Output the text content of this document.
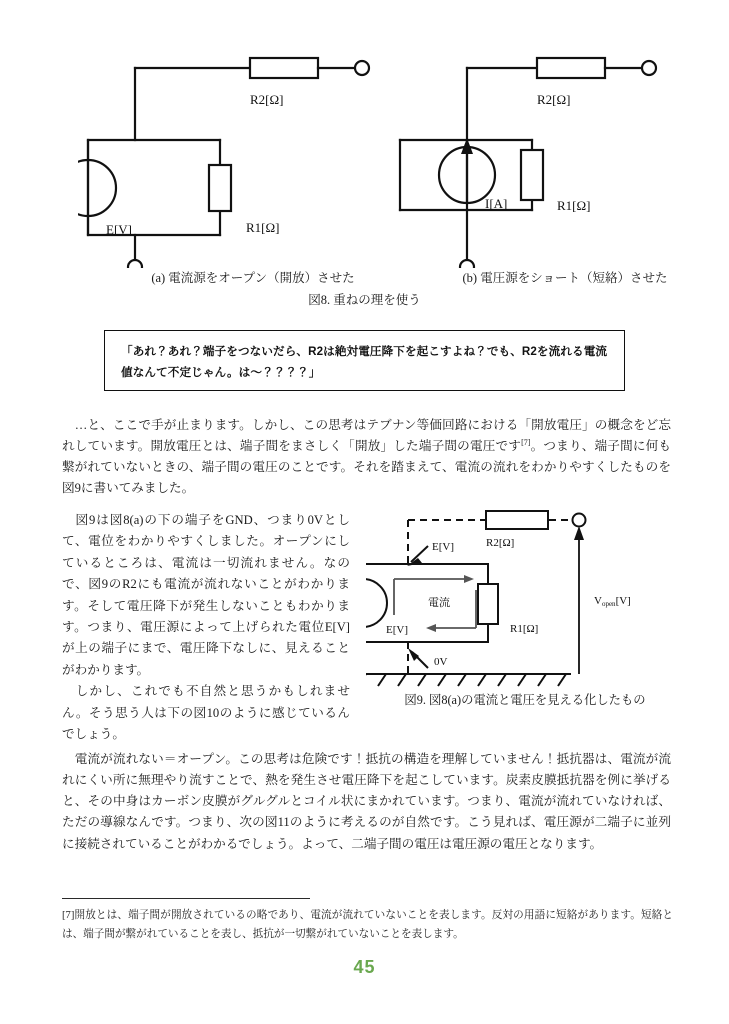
E[V]
R2[Ω]
R1[Ω]
R2[Ω]
I[A]	R1[Ω]
(a) 電流源をオープン（開放）させた	(b) 電圧源をショート（短絡）させた
図8. 重ねの理を使う

「あれ？あれ？端子をつないだら、R2は絶対電圧降下を起こすよね？でも、R2を流れる電流値なんて不定じゃん。は〜？？？？」

…と、ここで手が止まります。しかし、この思考はテブナン等価回路における「開放電圧」の概念をど忘れしています。開放電圧とは、端子間をまさしく「開放」した端子間の電圧です[7]。つまり、端子間に何も繋がれていないときの、端子間の電圧のことです。それを踏まえて、電流の流れをわかりやすくしたものを図9に書いてみました。

図9は図8(a)の下の端子をGND、つまり0Vとして、電位をわかりやすくしました。オープンにしているところは、電流は一切流れません。なので、図9のR2にも電流が流れないことがわかります。そして電圧降下が発生しないこともわかります。つまり、電圧源によって上げられた電位E[V]が上の端子にまで、電圧降下なしに、見えることがわかります。

しかし、これでも不自然と思うかもしれません。そう思う人は下の図10のように感じているんでしょう。

E[V]	R2[Ω]
R1[Ω]
電流
E[V]
0V
Vopen[V]
図9. 図8(a)の電流と電圧を見える化したもの
電流が流れない＝オープン。この思考は危険です！抵抗の構造を理解していません！抵抗器は、電流が流れにくい所に無理やり流すことで、熱を発生させ電圧降下を起こしています。炭素皮膜抵抗器を例に挙げると、その中身はカーボン皮膜がグルグルとコイル状にまかれています。つまり、電流が流れていなければ、ただの導線なんです。つまり、次の図11のように考えるのが自然です。こう見れば、電圧源が二端子に並列に接続されていることがわかるでしょう。よって、二端子間の電圧は電圧源の電圧となります。
[7]開放とは、端子間が開放されているの略であり、電流が流れていないことを表します。反対の用語に短絡があります。短絡とは、端子間が繋がれていることを表し、抵抗が一切繋がれていないことを表します。
45
